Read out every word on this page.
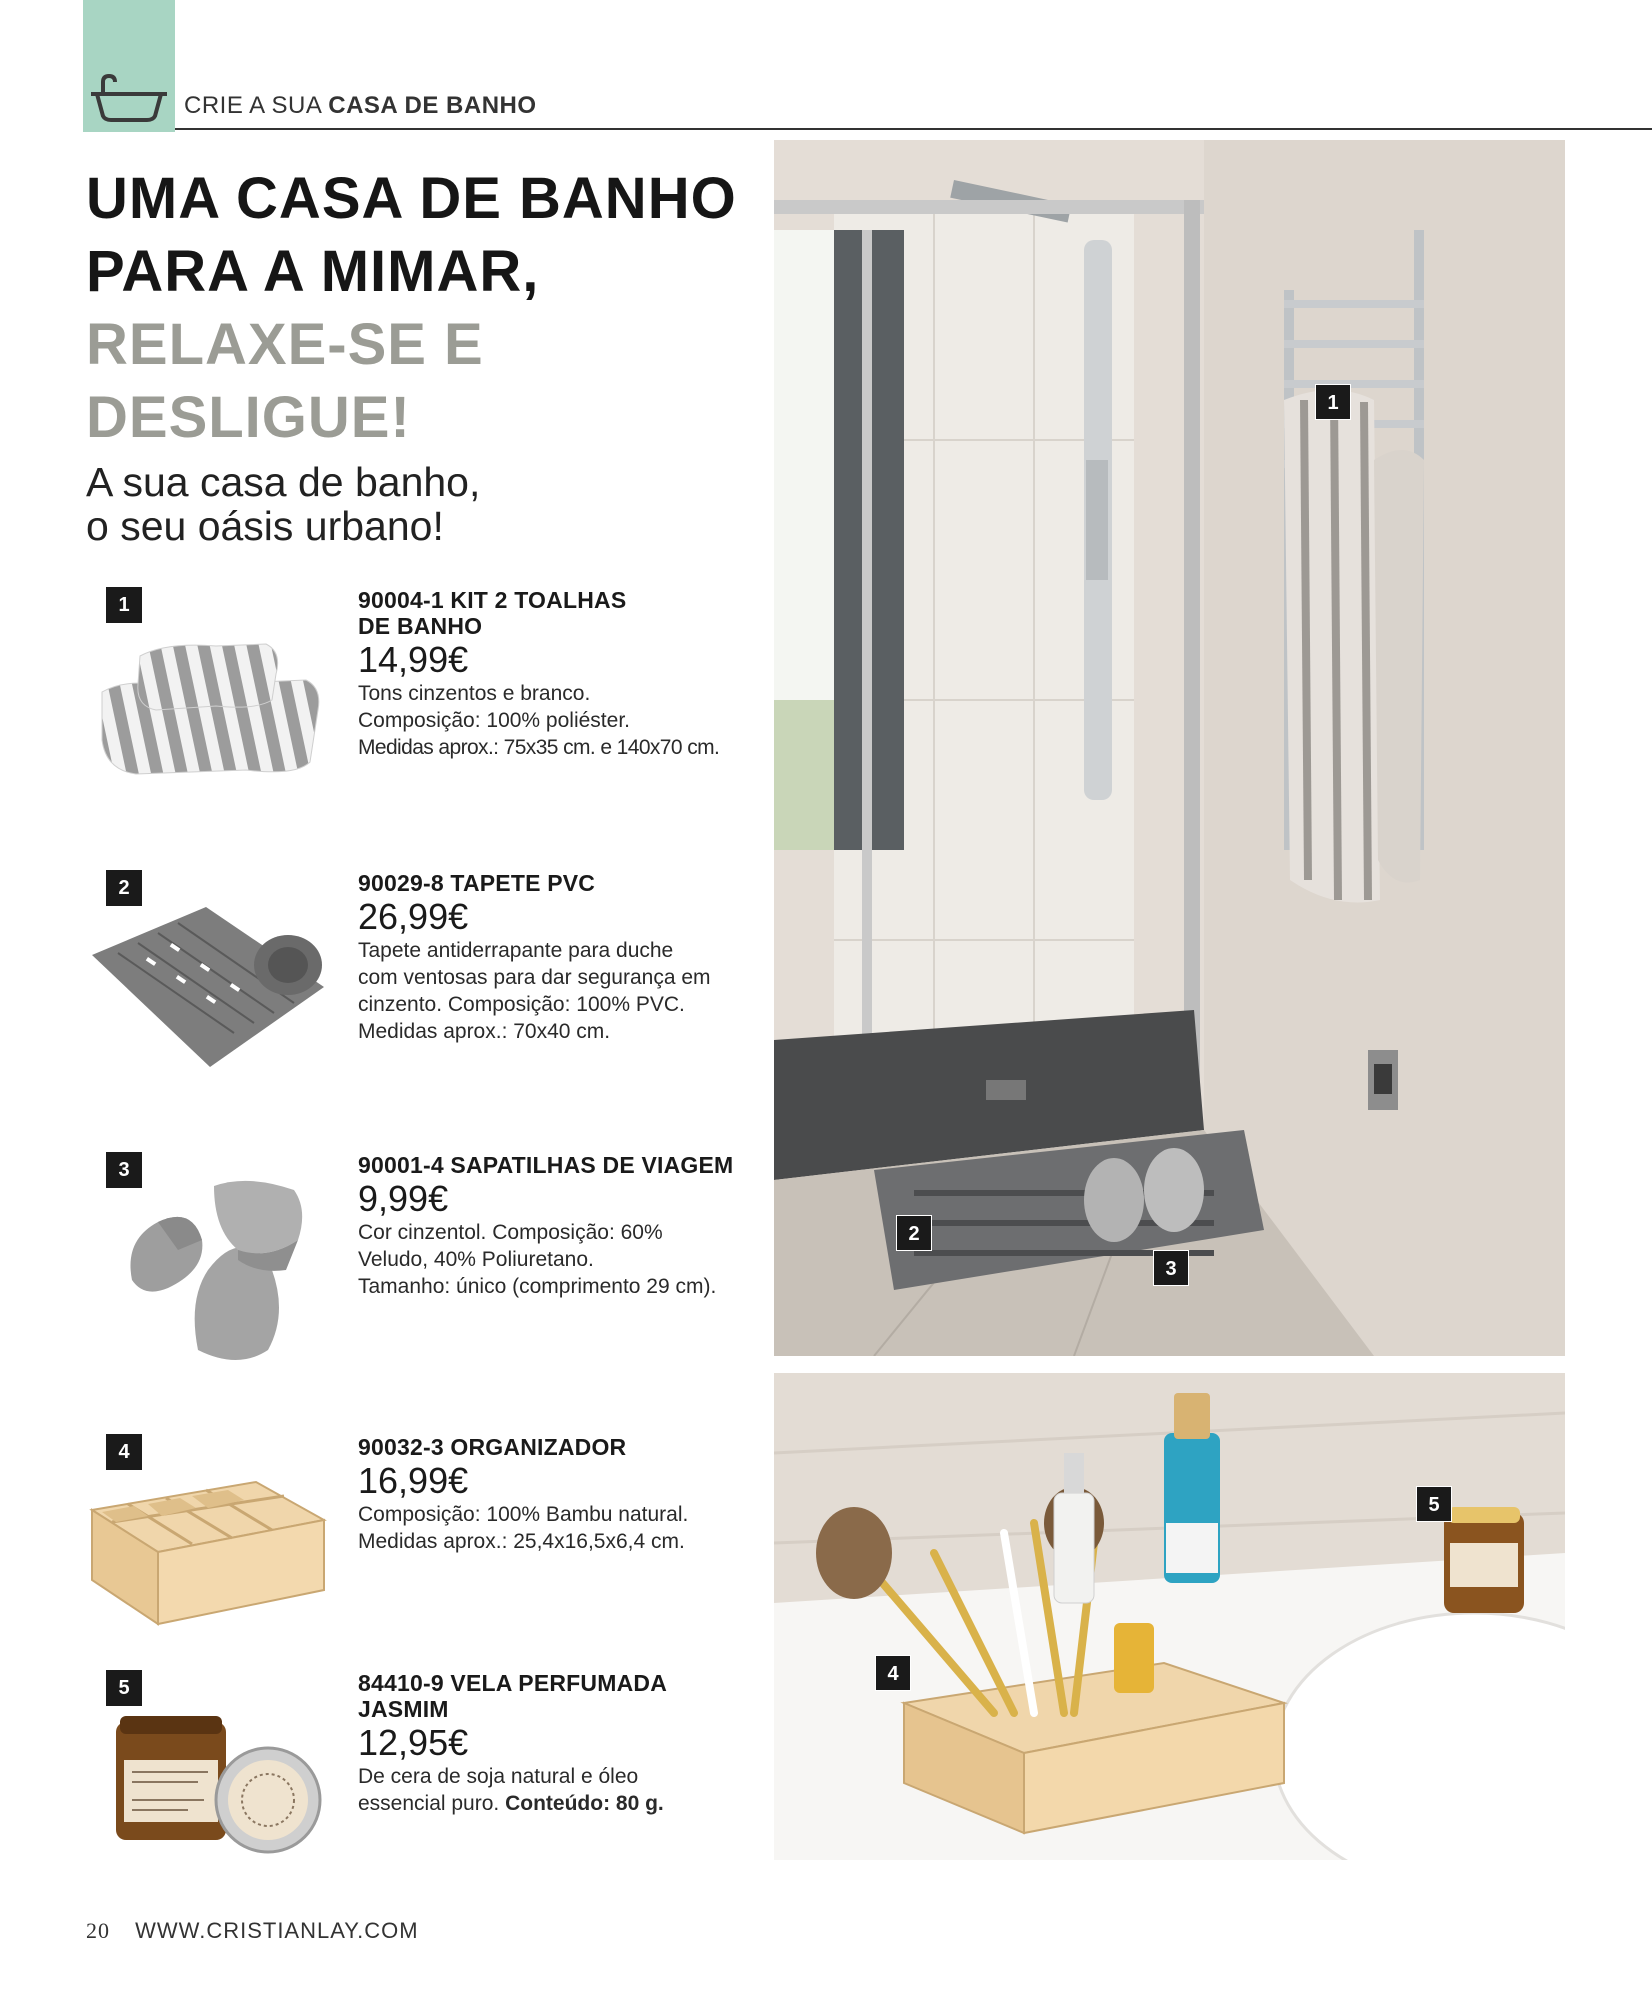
CRIE A SUA CASA DE BANHO
UMA CASA DE BANHO
PARA A MIMAR,
RELAXE-SE E
DESLIGUE!
A sua casa de banho,
o seu oásis urbano!
1	90004-1 KIT 2 TOALHAS
DE BANHO
14,99€
Tons cinzentos e branco.
Composição: 100% poliéster.
Medidas aprox.: 75x35 cm. e 140x70 cm.
2	90029-8 TAPETE PVC
26,99€
Tapete antiderrapante para duche
com ventosas para dar segurança em
cinzento. Composição: 100% PVC.
Medidas aprox.: 70x40 cm.
3	90001-4 SAPATILHAS DE VIAGEM
9,99€
Cor cinzentol. Composição: 60%
Veludo, 40% Poliuretano.
Tamanho: único (comprimento 29 cm).
4	90032-3 ORGANIZADOR
16,99€
Composição: 100% Bambu natural.
Medidas aprox.: 25,4x16,5x6,4 cm.
5	84410-9 VELA PERFUMADA
JASMIM
12,95€
De cera de soja natural e óleo
essencial puro. Conteúdo: 80 g.
1
2
3
5
4
20 WWW.CRISTIANLAY.COM
